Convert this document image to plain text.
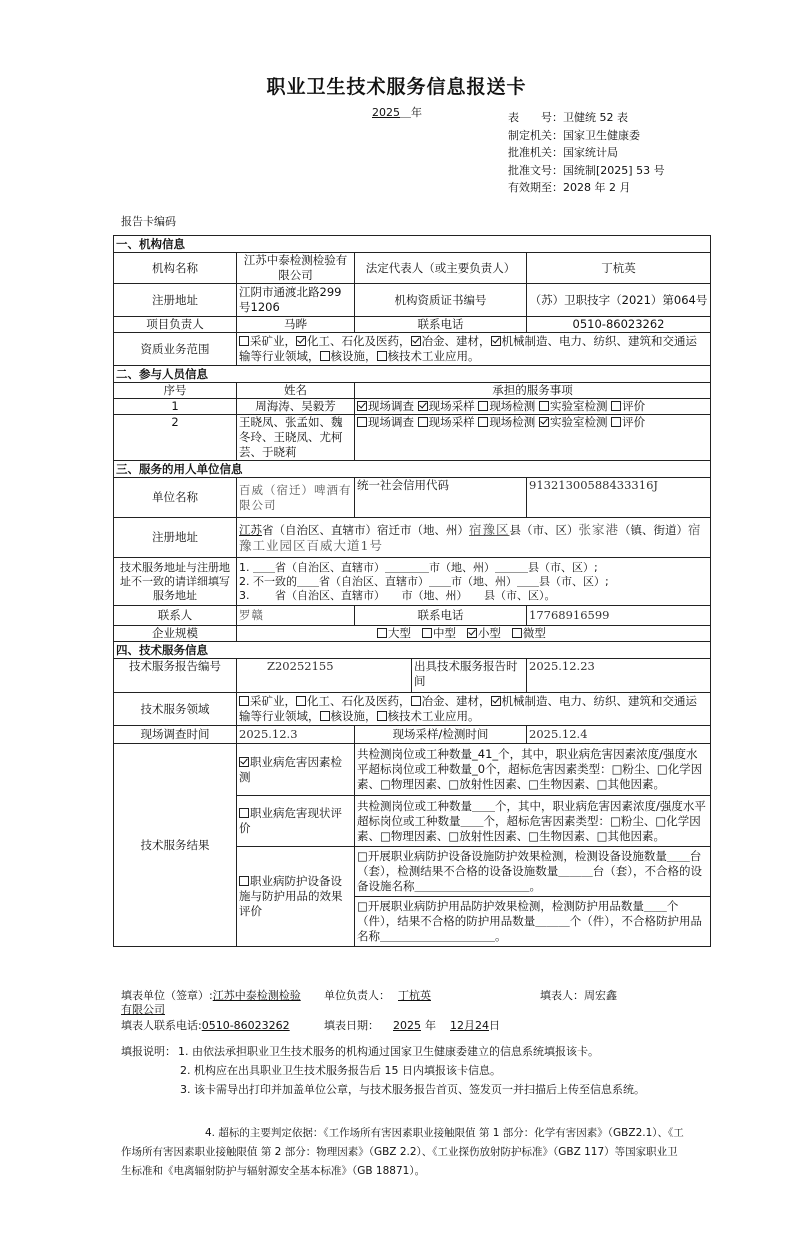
职业卫生技术服务信息报送卡
2025＿年	表　　号：卫健统 52 表
制定机关：国家卫生健康委
批准机关：国家统计局
批准文号：国统制[2025] 53 号
有效期至：2028 年 2 月
报告卡编码
一、机构信息				
机构名称	江苏中泰检测检验有限公司	法定代表人（或主要负责人）		丁杭英
注册地址	江阴市通渡北路299号1206	机构资质证书编号		（苏）卫职技字（2021）第064号
项目负责人	马晔	联系电话		0510-86023262
资质业务范围	采矿业， 化工、石化及医药， 冶金、建材， 机械制造、电力、纺织、建筑和交通运输等行业领域， 核设施， 核技术工业应用。			
二、参与人员信息				
序号	姓名	承担的服务事项		
1	周海涛、吴毅芳	现场调查 现场采样 现场检测 实验室检测 评价		
2	王晓凤、张孟如、魏冬玲、王晓凤、尤柯芸、于晓莉	现场调查 现场采样 现场检测 实验室检测 评价		
三、服务的用人单位信息				
单位名称	百威（宿迁）啤酒有限公司	统一社会信用代码		91321300588433316J
注册地址	江苏省（自治区、直辖市）宿迁市（地、州）宿豫区县（市、区）张家港（镇、街道）宿豫工业园区百威大道1号			
技术服务地址与注册地址不一致的请详细填写服务地址	1. ＿＿省（自治区、直辖市）＿＿＿＿市（地、州）＿＿＿县（市、区）;
2. 不一致的＿＿省（自治区、直辖市）＿＿市（地、州）＿＿县（市、区）;
3. 　　省（自治区、直辖市）　　市（地、州）　　县（市、区）。			

联系人	罗赣	联系电话		17768916599
企业规模	大型 中型 小型 微型			
四、技术服务信息				
技术服务报告编号	Z20252155		出具技术服务报告时间	2025.12.23
技术服务领域	采矿业， 化工、石化及医药， 冶金、建材， 机械制造、电力、纺织、建筑和交通运输等行业领域， 核设施， 核技术工业应用。			
现场调查时间	2025.12.3	现场采样/检测时间		2025.12.4
技术服务结果	职业病危害因素检测	共检测岗位或工种数量_41_个，其中，职业病危害因素浓度/强度水平超标岗位或工种数量_0个，超标危害因素类型：□粉尘、□化学因素、□物理因素、□放射性因素、□生物因素、□其他因素。		
	职业病危害现状评价	共检测岗位或工种数量＿＿个，其中，职业病危害因素浓度/强度水平超标岗位或工种数量＿＿个，超标危害因素类型：□粉尘、□化学因素、□物理因素、□放射性因素、□生物因素、□其他因素。		
	职业病防护设备设施与防护用品的效果评价	□开展职业病防护设备设施防护效果检测，检测设备设施数量＿＿台（套），检测结果不合格的设备设施数量＿＿＿台（套），不合格的设备设施名称＿＿＿＿＿＿＿＿＿＿。		
		□开展职业病防护用品防护效果检测，检测防护用品数量＿＿个（件），结果不合格的防护用品数量＿＿＿个（件），不合格防护用品名称＿＿＿＿＿＿＿＿＿＿。		
填表单位（签章）:江苏中泰检测检验有限公司
单位负责人： 丁杭英	填表人：周宏鑫
填表人联系电话:0510-86023262	填表日期： 2025 年 12月24日
填报说明： 1. 由依法承担职业卫生技术服务的机构通过国家卫生健康委建立的信息系统填报该卡。
2. 机构应在出具职业卫生技术服务报告后 15 日内填报该卡信息。
3. 该卡需导出打印并加盖单位公章，与技术服务报告首页、签发页一并扫描后上传至信息系统。
4. 超标的主要判定依据：《工作场所有害因素职业接触限值 第 1 部分：化学有害因素》（GBZ2.1）、《工作场所有害因素职业接触限值 第 2 部分：物理因素》（GBZ 2.2）、《工业探伤放射防护标准》（GBZ 117）等国家职业卫生标准和《电离辐射防护与辐射源安全基本标准》（GB 18871）。
